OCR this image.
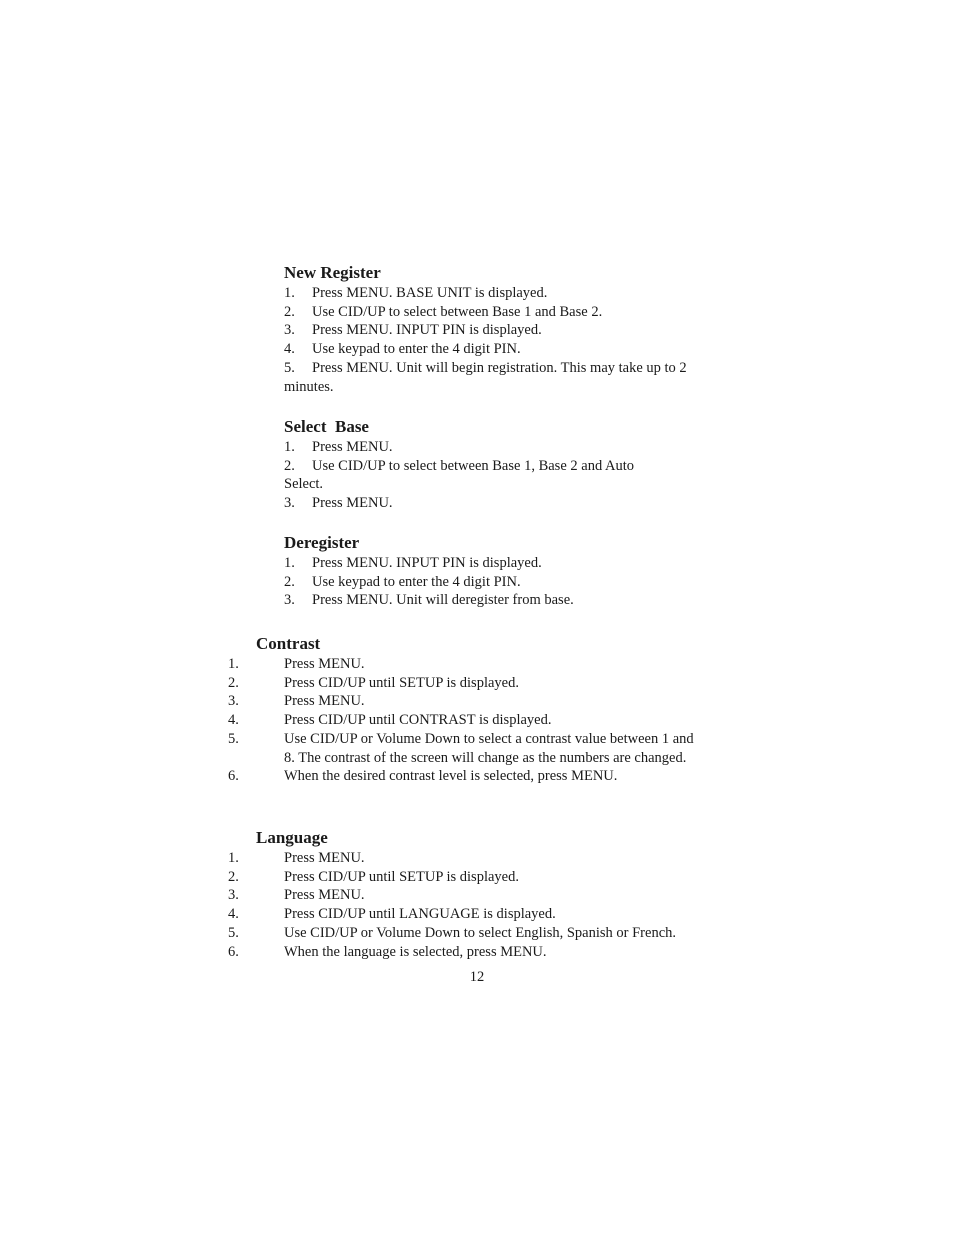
New Register
1. Press MENU. BASE UNIT is displayed.
2. Use CID/UP to select between Base 1 and Base 2.
3. Press MENU. INPUT PIN is displayed.
4. Use keypad to enter the 4 digit PIN.
5. Press MENU. Unit will begin registration. This may take up to 2 minutes.
Select  Base
1. Press MENU.
2. Use CID/UP to select between Base 1, Base 2 and Auto Select.
3. Press MENU.
Deregister
1. Press MENU. INPUT PIN is displayed.
2. Use keypad to enter the 4 digit PIN.
3. Press MENU. Unit will deregister from base.
Contrast
1.	Press MENU.
2.	Press CID/UP until SETUP is displayed.
3.	Press MENU.
4.	Press CID/UP until CONTRAST is displayed.
5.	Use CID/UP or Volume Down to select a contrast value between 1 and 8. The contrast of the screen will change as the numbers are changed.
6.	When the desired contrast level is selected, press MENU.
Language
1.	Press MENU.
2.	Press CID/UP until SETUP is displayed.
3.	Press MENU.
4.	Press CID/UP until LANGUAGE is displayed.
5.	Use CID/UP or Volume Down to select English, Spanish or French.
6.	When the language is selected, press MENU.
12
